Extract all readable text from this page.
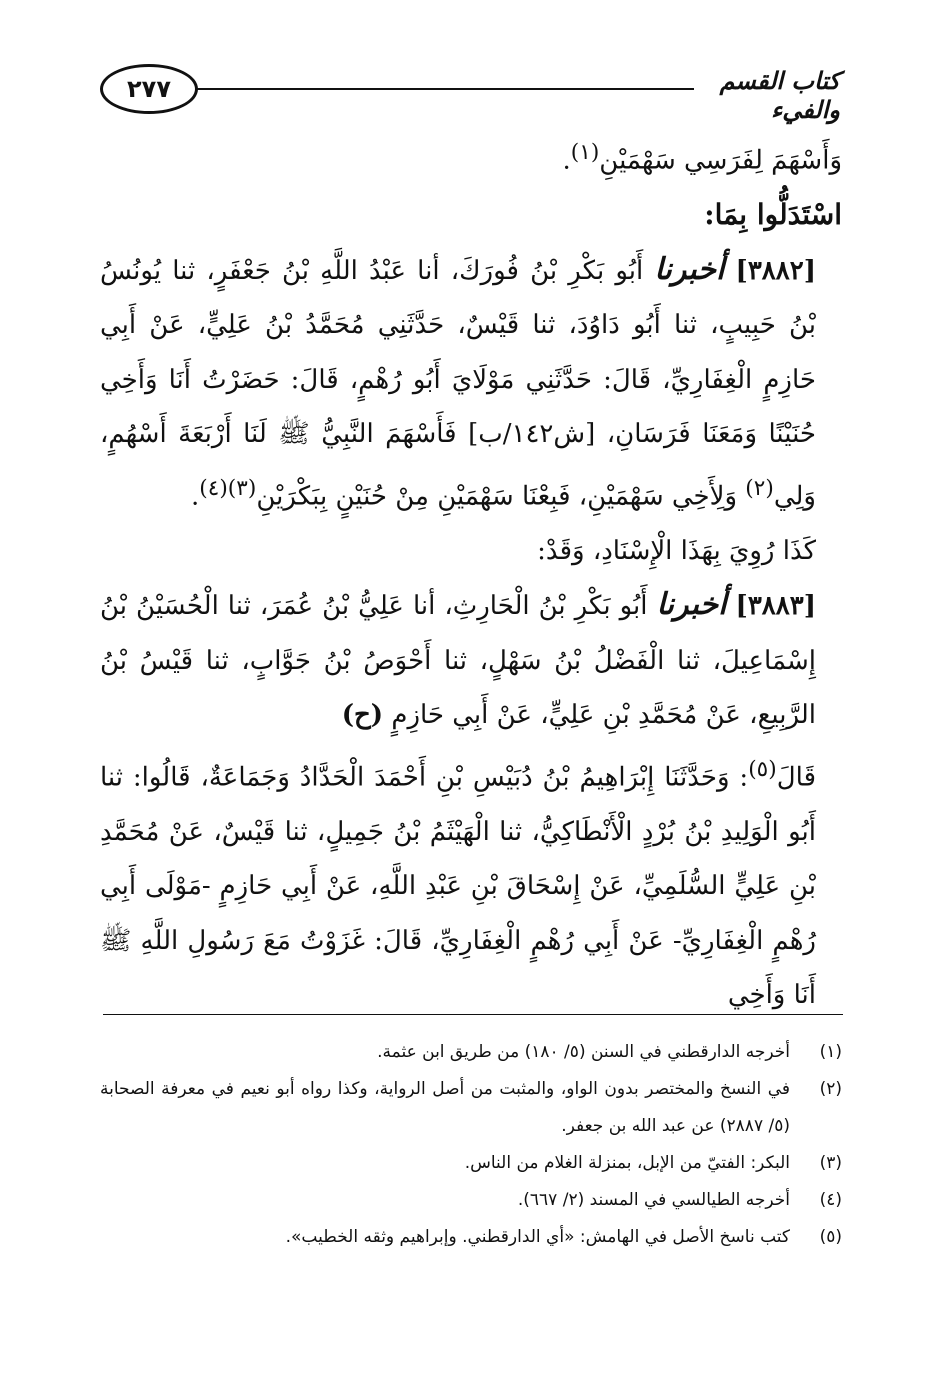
٢٧٧	كتاب القسم والفيء

وَأَسْهَمَ لِفَرَسِي سَهْمَيْنِ$^{(١)}$.

اسْتَدَلُّوا بِمَا:

[٣٨٨٢] أخبرنا أَبُو بَكْرِ بْنُ فُورَكَ، أنا عَبْدُ اللَّهِ بْنُ جَعْفَرٍ، ثنا يُونُسُ بْنُ حَبِيبٍ، ثنا أَبُو دَاوُدَ، ثنا قَيْسٌ، حَدَّثَنِي مُحَمَّدُ بْنُ عَلِيٍّ، عَنْ أَبِي حَازِمٍ الْغِفَارِيِّ، قَالَ: حَدَّثَنِي مَوْلَايَ أَبُو رُهْمٍ، قَالَ: حَضَرْتُ أَنَا وَأَخِي حُنَيْنًا وَمَعَنَا فَرَسَانِ، [ش١٤٢/ب] فَأَسْهَمَ النَّبِيُّ ﷺ لَنَا أَرْبَعَةَ أَسْهُمٍ، وَلِي$^{(٢)}$ وَلِأَخِي سَهْمَيْنِ، فَبِعْنَا سَهْمَيْنِ مِنْ حُنَيْنٍ بِبَكْرَيْنِ$^{(٣)(٤)}$.

كَذَا رُوِيَ بِهَذَا الْإِسْنَادِ، وَقَدْ:

[٣٨٨٣] أخبرنا أَبُو بَكْرِ بْنُ الْحَارِثِ، أنا عَلِيُّ بْنُ عُمَرَ، ثنا الْحُسَيْنُ بْنُ إِسْمَاعِيلَ، ثنا الْفَضْلُ بْنُ سَهْلٍ، ثنا أَحْوَصُ بْنُ جَوَّابٍ، ثنا قَيْسُ بْنُ الرَّبِيعِ، عَنْ مُحَمَّدِ بْنِ عَلِيٍّ، عَنْ أَبِي حَازِمٍ (ح)

قَالَ$^{(٥)}$: وَحَدَّثَنَا إِبْرَاهِيمُ بْنُ دُبَيْسِ بْنِ أَحْمَدَ الْحَدَّادُ وَجَمَاعَةٌ، قَالُوا: ثنا أَبُو الْوَلِيدِ بْنُ بُرْدٍ الْأَنْطَاكِيُّ، ثنا الْهَيْثَمُ بْنُ جَمِيلٍ، ثنا قَيْسٌ، عَنْ مُحَمَّدِ بْنِ عَلِيٍّ السُّلَمِيِّ، عَنْ إِسْحَاقَ بْنِ عَبْدِ اللَّهِ، عَنْ أَبِي حَازِمٍ -مَوْلَى أَبِي رُهْمٍ الْغِفَارِيِّ- عَنْ أَبِي رُهْمٍ الْغِفَارِيِّ، قَالَ: غَزَوْتُ مَعَ رَسُولِ اللَّهِ ﷺ أَنَا وَأَخِي

(١)
أخرجه الدارقطني في السنن (٥/ ١٨٠) من طريق ابن عثمة.
(٢)
في النسخ والمختصر بدون الواو، والمثبت من أصل الرواية، وكذا رواه أبو نعيم في معرفة الصحابة (٥/ ٢٨٨٧) عن عبد الله بن جعفر.
(٣)
البكر: الفتيّ من الإبل، بمنزلة الغلام من الناس.
(٤)
أخرجه الطيالسي في المسند (٢/ ٦٦٧).
(٥)
كتب ناسخ الأصل في الهامش: «أي الدارقطني. وإبراهيم وثقه الخطيب».
